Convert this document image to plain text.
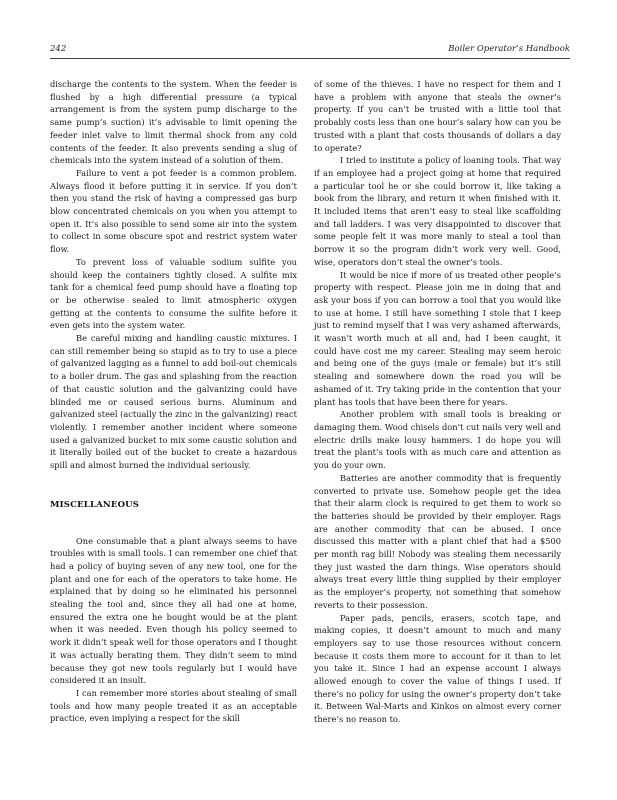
242	Boiler Operator’s Handbook

discharge the contents to the system. When the feeder is flushed by a high differential pressure (a typical arrangement is from the system pump discharge to the same pump’s suction) it’s advisable to limit opening the feeder inlet valve to limit thermal shock from any cold contents of the feeder. It also prevents sending a slug of chemicals into the system instead of a solution of them.

Failure to vent a pot feeder is a common problem. Always flood it before putting it in service. If you don’t then you stand the risk of having a compressed gas burp blow concentrated chemicals on you when you attempt to open it. It’s also possible to send some air into the system to collect in some obscure spot and restrict system water flow.

To prevent loss of valuable sodium sulfite you should keep the containers tightly closed. A sulfite mix tank for a chemical feed pump should have a floating top or be otherwise sealed to limit atmospheric oxygen getting at the contents to consume the sulfite before it even gets into the system water.

Be careful mixing and handling caustic mixtures. I can still remember being so stupid as to try to use a piece of galvanized lagging as a funnel to add boil-out chemicals to a boiler drum. The gas and splashing from the reaction of that caustic solution and the galvanizing could have blinded me or caused serious burns. Aluminum and galvanized steel (actually the zinc in the galvanizing) react violently. I remember another incident where someone used a galvanized bucket to mix some caustic solution and it literally boiled out of the bucket to create a hazardous spill and almost burned the individual seriously.

MISCELLANEOUS

One consumable that a plant always seems to have troubles with is small tools. I can remember one chief that had a policy of buying seven of any new tool, one for the plant and one for each of the operators to take home. He explained that by doing so he eliminated his personnel stealing the tool and, since they all had one at home, ensured the extra one he bought would be at the plant when it was needed. Even though his policy seemed to work it didn’t speak well for those operators and I thought it was actually berating them. They didn’t seem to mind because they got new tools regularly but I would have considered it an insult.

I can remember more stories about stealing of small tools and how many people treated it as an acceptable practice, even implying a respect for the skill

of some of the thieves. I have no respect for them and I have a problem with anyone that steals the owner’s property. If you can’t be trusted with a little tool that probably costs less than one hour’s salary how can you be trusted with a plant that costs thousands of dollars a day to operate?

I tried to institute a policy of loaning tools. That way if an employee had a project going at home that required a particular tool he or she could borrow it, like taking a book from the library, and return it when finished with it. It included items that aren’t easy to steal like scaffolding and tall ladders. I was very disappointed to discover that some people felt it was more manly to steal a tool than borrow it so the program didn’t work very well. Good, wise, operators don’t steal the owner’s tools.

It would be nice if more of us treated other people’s property with respect. Please join me in doing that and ask your boss if you can borrow a tool that you would like to use at home. I still have something I stole that I keep just to remind myself that I was very ashamed afterwards, it wasn’t worth much at all and, had I been caught, it could have cost me my career. Stealing may seem heroic and being one of the guys (male or female) but it’s still stealing and somewhere down the road you will be ashamed of it. Try taking pride in the contention that your plant has tools that have been there for years.

Another problem with small tools is breaking or damaging them. Wood chisels don’t cut nails very well and electric drills make lousy hammers. I do hope you will treat the plant’s tools with as much care and attention as you do your own.

Batteries are another commodity that is frequently converted to private use. Somehow people get the idea that their alarm clock is required to get them to work so the batteries should be provided by their employer. Rags are another commodity that can be abused. I once discussed this matter with a plant chief that had a $500 per month rag bill! Nobody was stealing them necessarily they just wasted the darn things. Wise operators should always treat every little thing supplied by their employer as the employer’s property, not something that somehow reverts to their possession.

Paper pads, pencils, erasers, scotch tape, and making copies, it doesn’t amount to much and many employers say to use those resources without concern because it costs them more to account for it than to let you take it. Since I had an expense account I always allowed enough to cover the value of things I used. If there’s no policy for using the owner’s property don’t take it. Between Wal-Marts and Kinkos on almost every corner there’s no reason to.
